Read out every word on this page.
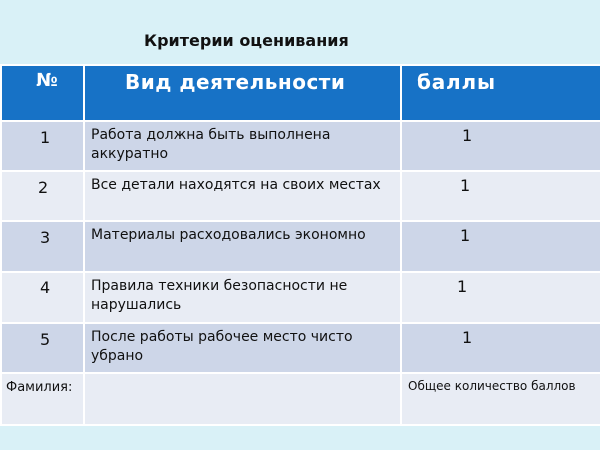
Критерии оценивания
№	Вид деятельности	баллы
1	Работа должна быть выполнена аккуратно	1
2	Все детали находятся на своих местах	1
3	Материалы расходовались экономно	1
4	Правила техники безопасности не нарушались	1
5	После работы рабочее место чисто убрано	1
Фамилия:		Общее количество баллов
